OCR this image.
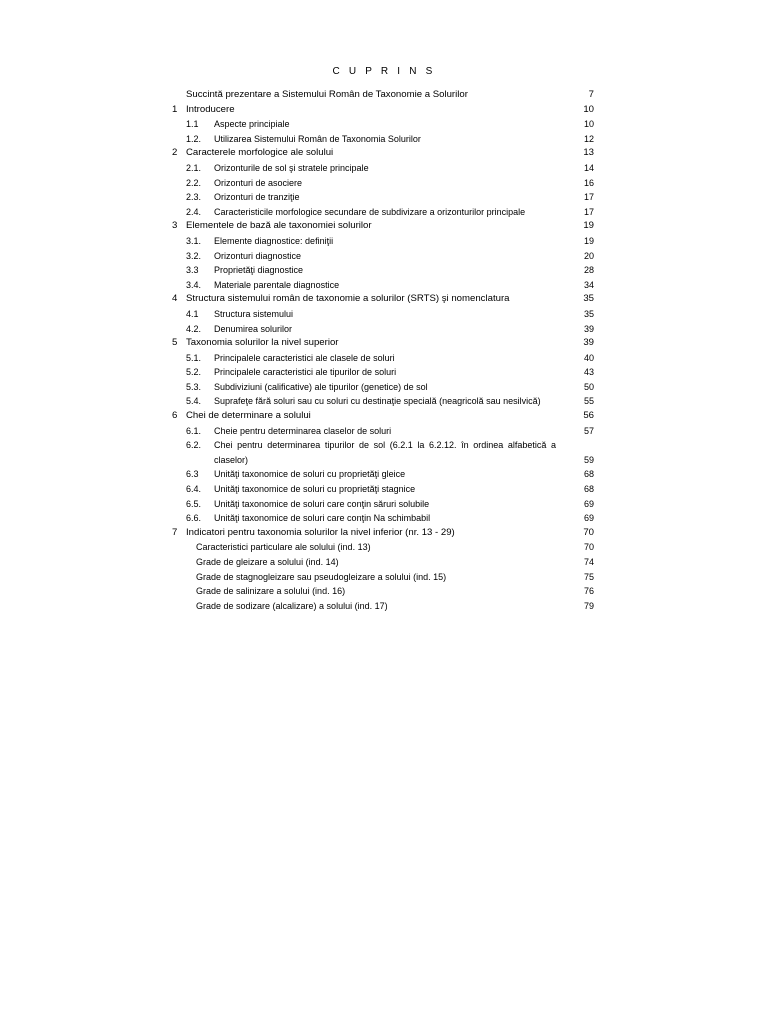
C U P R I N S
Succintă prezentare a Sistemului Român de Taxonomie a Solurilor	7
1 Introducere	10
1.1 Aspecte principiale	10
1.2. Utilizarea Sistemului Român de Taxonomia Solurilor	12
2 Caracterele morfologice ale solului	13
2.1. Orizonturile de sol şi stratele principale	14
2.2. Orizonturi de asociere	16
2.3. Orizonturi de tranziţie	17
2.4. Caracteristicile morfologice secundare de subdivizare a orizonturilor principale	17
3 Elementele de bază ale taxonomiei solurilor	19
3.1. Elemente diagnostice: definiţii	19
3.2. Orizonturi diagnostice	20
3.3 Proprietăţi diagnostice	28
3.4. Materiale parentale diagnostice	34
4 Structura sistemului român de taxonomie a solurilor (SRTS) şi nomenclatura	35
4.1 Structura sistemului	35
4.2. Denumirea solurilor	39
5 Taxonomia solurilor la nivel superior	39
5.1. Principalele caracteristici ale clasele de soluri	40
5.2. Principalele caracteristici ale tipurilor de soluri	43
5.3. Subdiviziuni (calificative) ale tipurilor (genetice) de sol	50
5.4. Suprafeţe fără soluri sau cu soluri cu destinaţie specială (neagricolă sau nesilvică)	55
6 Chei de determinare a solului	56
6.1. Cheie pentru determinarea claselor de soluri	57
6.2. Chei pentru determinarea tipurilor de sol (6.2.1 la 6.2.12. în ordinea alfabetică a claselor)	59
6.3 Unităţi taxonomice de soluri cu proprietăţi gleice	68
6.4. Unităţi taxonomice de soluri cu proprietăţi stagnice	68
6.5. Unităţi taxonomice de soluri care conţin săruri solubile	69
6.6. Unităţi taxonomice de soluri care conţin Na schimbabil	69
7 Indicatori pentru taxonomia solurilor la nivel inferior (nr. 13 - 29)	70
Caracteristici particulare ale solului (ind. 13)	70
Grade de gleizare a solului (ind. 14)	74
Grade de stagnogleizare sau pseudogleizare a solului (ind. 15)	75
Grade de salinizare a solului (ind. 16)	76
Grade de sodizare (alcalizare) a solului (ind. 17)	79
